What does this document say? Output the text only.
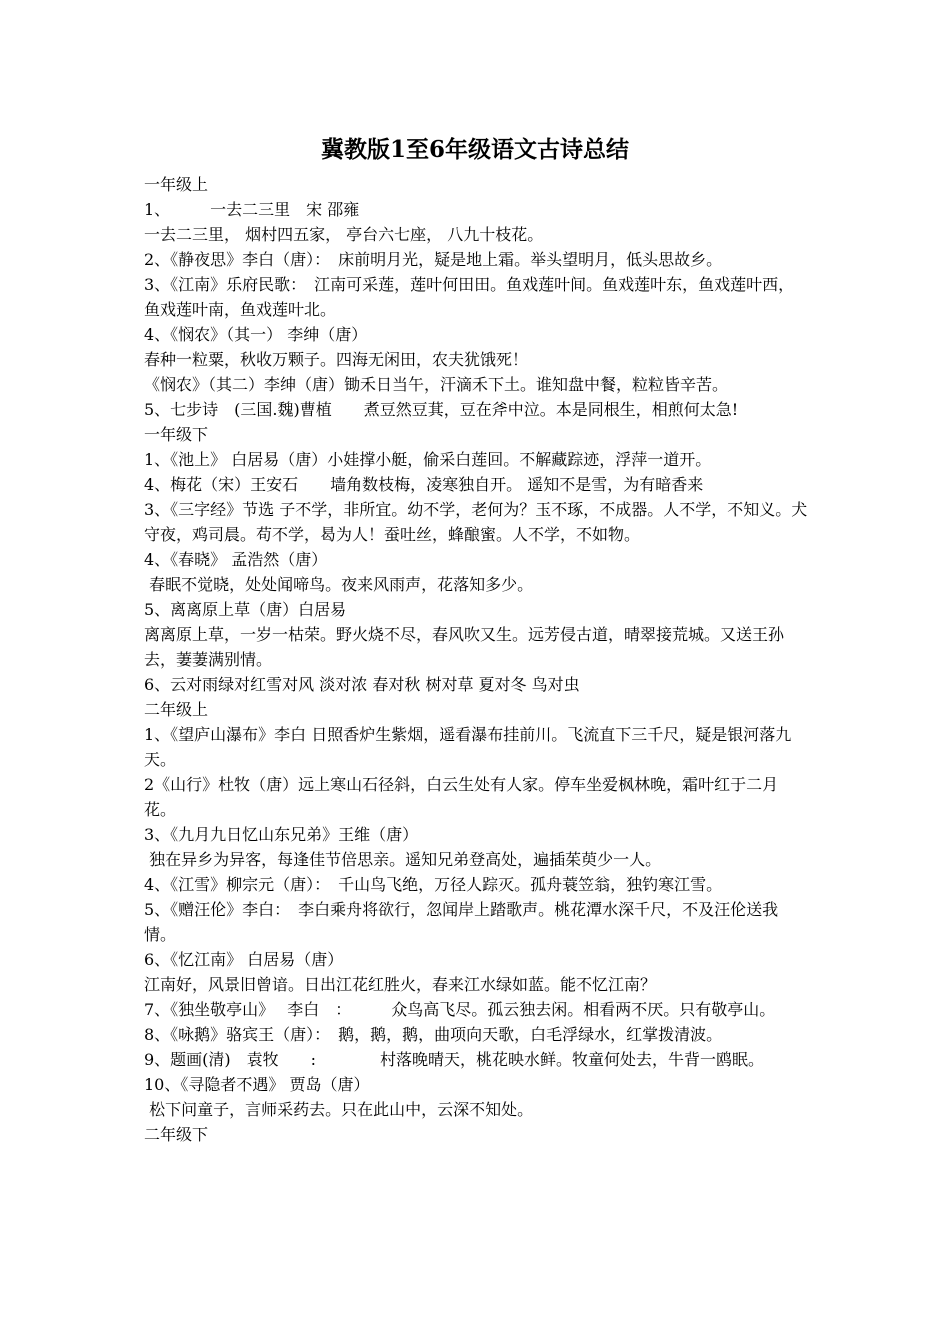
冀教版1至6年级语文古诗总结
一年级上
1、　　　一去二三里　宋 邵雍
一去二三里， 烟村四五家， 亭台六七座， 八九十枝花。
2、《静夜思》李白（唐）：　床前明月光，疑是地上霜。举头望明月，低头思故乡。
3、《江南》乐府民歌：　江南可采莲，莲叶何田田。鱼戏莲叶间。鱼戏莲叶东，鱼戏莲叶西，鱼戏莲叶南，鱼戏莲叶北。
4、《悯农》（其一） 李绅（唐）
春种一粒粟，秋收万颗子。四海无闲田，农夫犹饿死！
《悯农》（其二）李绅（唐）锄禾日当午，汗滴禾下土。谁知盘中餐，粒粒皆辛苦。
5、七步诗　(三国.魏)曹植　　煮豆然豆萁，豆在斧中泣。本是同根生，相煎何太急!
一年级下
1、《池上》 白居易（唐）小娃撑小艇，偷采白莲回。不解藏踪迹，浮萍一道开。
4、梅花（宋）王安石　　墙角数枝梅，凌寒独自开。 遥知不是雪，为有暗香来
3、《三字经》节选 子不学，非所宜。幼不学，老何为？玉不琢，不成器。人不学，不知义。犬守夜，鸡司晨。苟不学，曷为人！蚕吐丝，蜂酿蜜。人不学，不如物。
4、《春晓》 孟浩然（唐）
春眠不觉晓，处处闻啼鸟。夜来风雨声，花落知多少。
5、离离原上草（唐）白居易
离离原上草，一岁一枯荣。野火烧不尽，春风吹又生。远芳侵古道，晴翠接荒城。又送王孙去，萋萋满别情。
6、云对雨绿对红雪对风 淡对浓 春对秋 树对草 夏对冬 鸟对虫
二年级上
1、《望庐山瀑布》李白 日照香炉生紫烟，遥看瀑布挂前川。飞流直下三千尺，疑是银河落九天。
2《山行》杜牧（唐）远上寒山石径斜，白云生处有人家。停车坐爱枫林晚，霜叶红于二月花。
3、《九月九日忆山东兄弟》王维（唐）
独在异乡为异客，每逢佳节倍思亲。遥知兄弟登高处，遍插茱萸少一人。
4、《江雪》柳宗元（唐）：　千山鸟飞绝，万径人踪灭。孤舟蓑笠翁，独钓寒江雪。
5、《赠汪伦》李白：　李白乘舟将欲行，忽闻岸上踏歌声。桃花潭水深千尺，不及汪伦送我情。
6、《忆江南》 白居易（唐）
江南好，风景旧曾谙。日出江花红胜火，春来江水绿如蓝。能不忆江南？
7、《独坐敬亭山》　 李白　：　　　众鸟高飞尽。孤云独去闲。相看两不厌。只有敬亭山。
8、《咏鹅》骆宾王（唐）：　鹅，鹅，鹅，曲项向天歌，白毛浮绿水，红掌拨清波。
9、题画(清)　袁牧　　:　　　　村落晚晴天，桃花映水鲜。牧童何处去，牛背一鸥眠。
10、《寻隐者不遇》 贾岛（唐）
松下问童子，言师采药去。只在此山中，云深不知处。
二年级下
